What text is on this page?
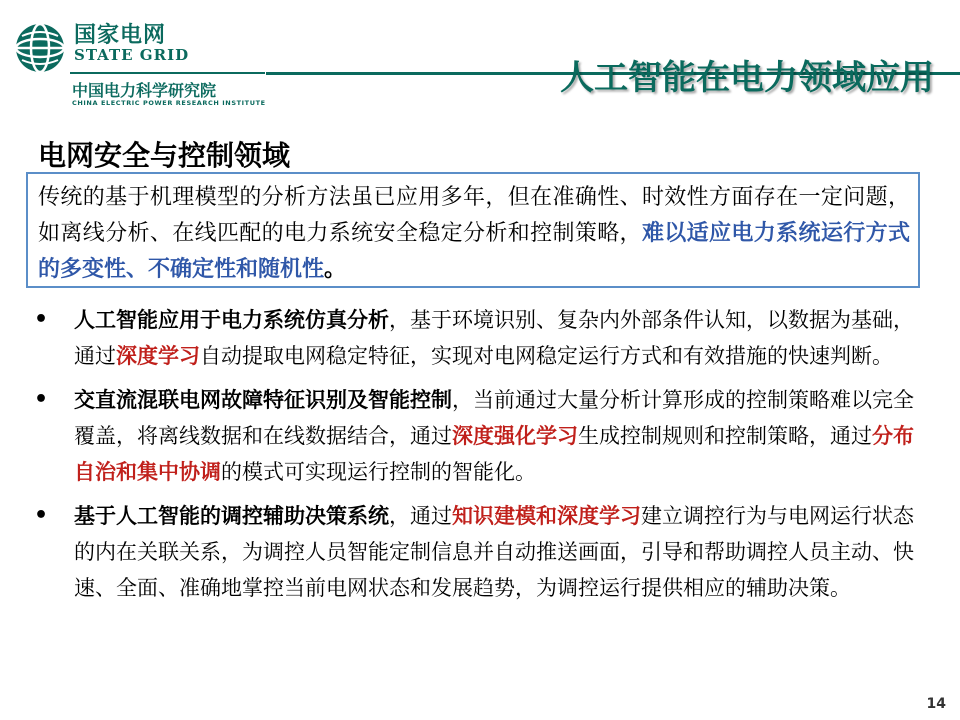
国家电网
STATE GRID
中国电力科学研究院
CHINA ELECTRIC POWER RESEARCH INSTITUTE
人工智能在电力领域应用
电网安全与控制领域
传统的基于机理模型的分析方法虽已应用多年，但在准确性、时效性方面存在一定问题，如离线分析、在线匹配的电力系统安全稳定分析和控制策略，难以适应电力系统运行方式的多变性、不确定性和随机性。
• 人工智能应用于电力系统仿真分析，基于环境识别、复杂内外部条件认知，以数据为基础，通过深度学习自动提取电网稳定特征，实现对电网稳定运行方式和有效措施的快速判断。
• 交直流混联电网故障特征识别及智能控制，当前通过大量分析计算形成的控制策略难以完全覆盖，将离线数据和在线数据结合，通过深度强化学习生成控制规则和控制策略，通过分布自治和集中协调的模式可实现运行控制的智能化。
• 基于人工智能的调控辅助决策系统，通过知识建模和深度学习建立调控行为与电网运行状态的内在关联关系，为调控人员智能定制信息并自动推送画面，引导和帮助调控人员主动、快速、全面、准确地掌控当前电网状态和发展趋势，为调控运行提供相应的辅助决策。
14
